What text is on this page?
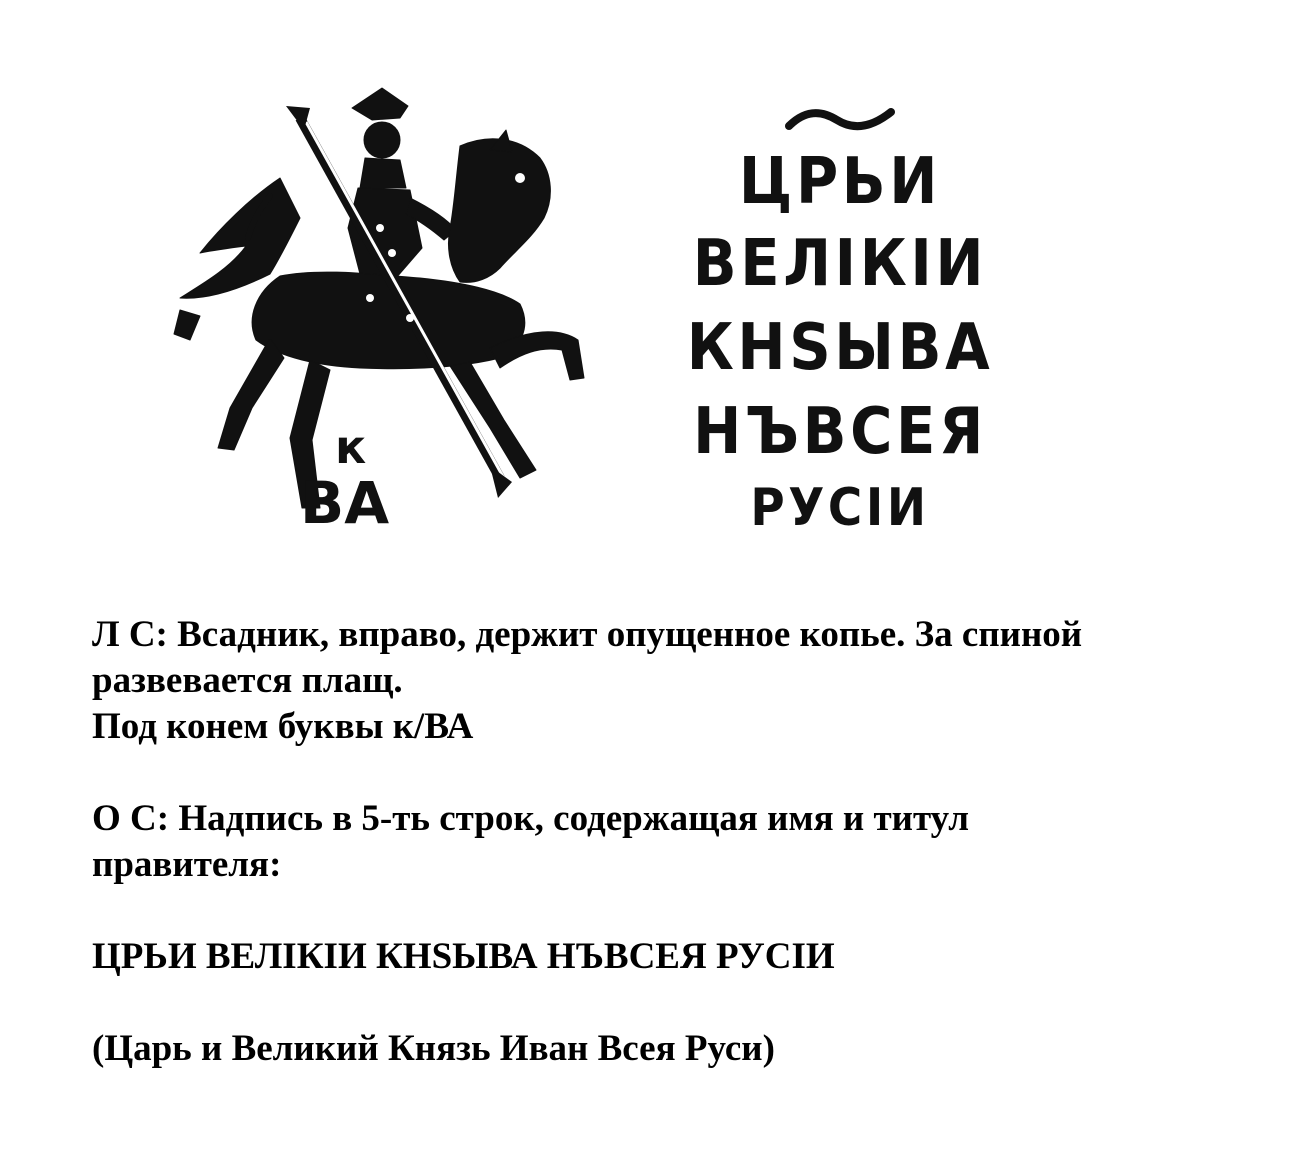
к
ВА
ЦРЬИ
ВЕЛІКІИ
КНЅЫВА
НЪВСЕЯ
РУСІИ

Л С: Всадник, вправо, держит опущенное копье. За спиной

развевается плащ.

Под конем буквы к/ВА

О С: Надпись в 5-ть строк, содержащая имя и титул

правителя:

ЦРЬИ ВЕЛІКІИ КНЅЫВА НЪВСЕЯ РУСІИ

(Царь и Великий Князь Иван Всея Руси)
